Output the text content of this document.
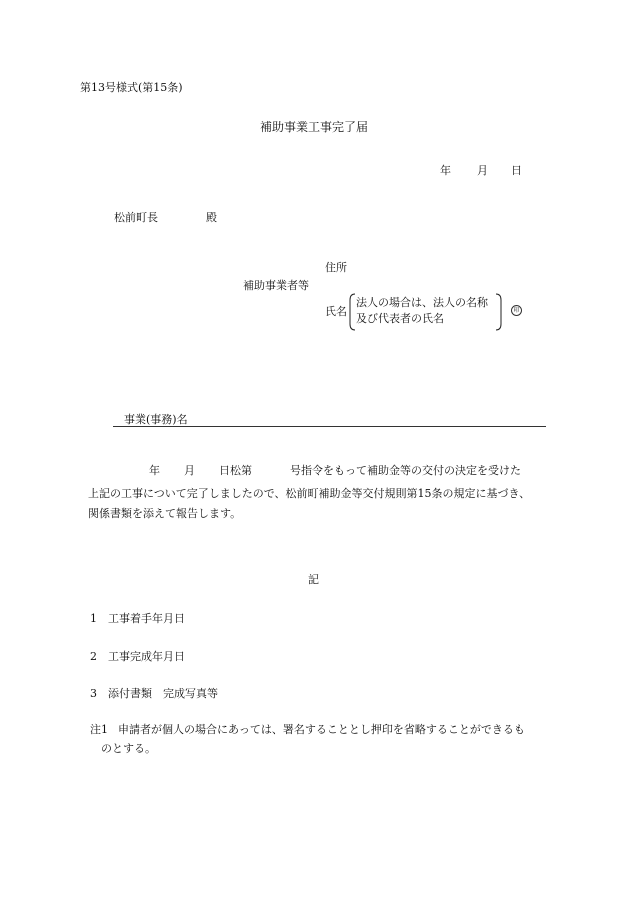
第13号様式(第15条)
補助事業工事完了届
年 月 日
松前町長	殿
住所
補助事業者等
氏名
法人の場合は、法人の名称
及び代表者の氏名
印
事業(事務)名
年 月 日松第	号指令をもって補助金等の交付の決定を受けた
上記の工事について完了しましたので、松前町補助金等交付規則第15条の規定に基づき、
関係書類を添えて報告します。
記
1 工事着手年月日
2 工事完成年月日
3 添付書類　完成写真等
注1 申請者が個人の場合にあっては、署名することとし押印を省略することができるも
のとする。
